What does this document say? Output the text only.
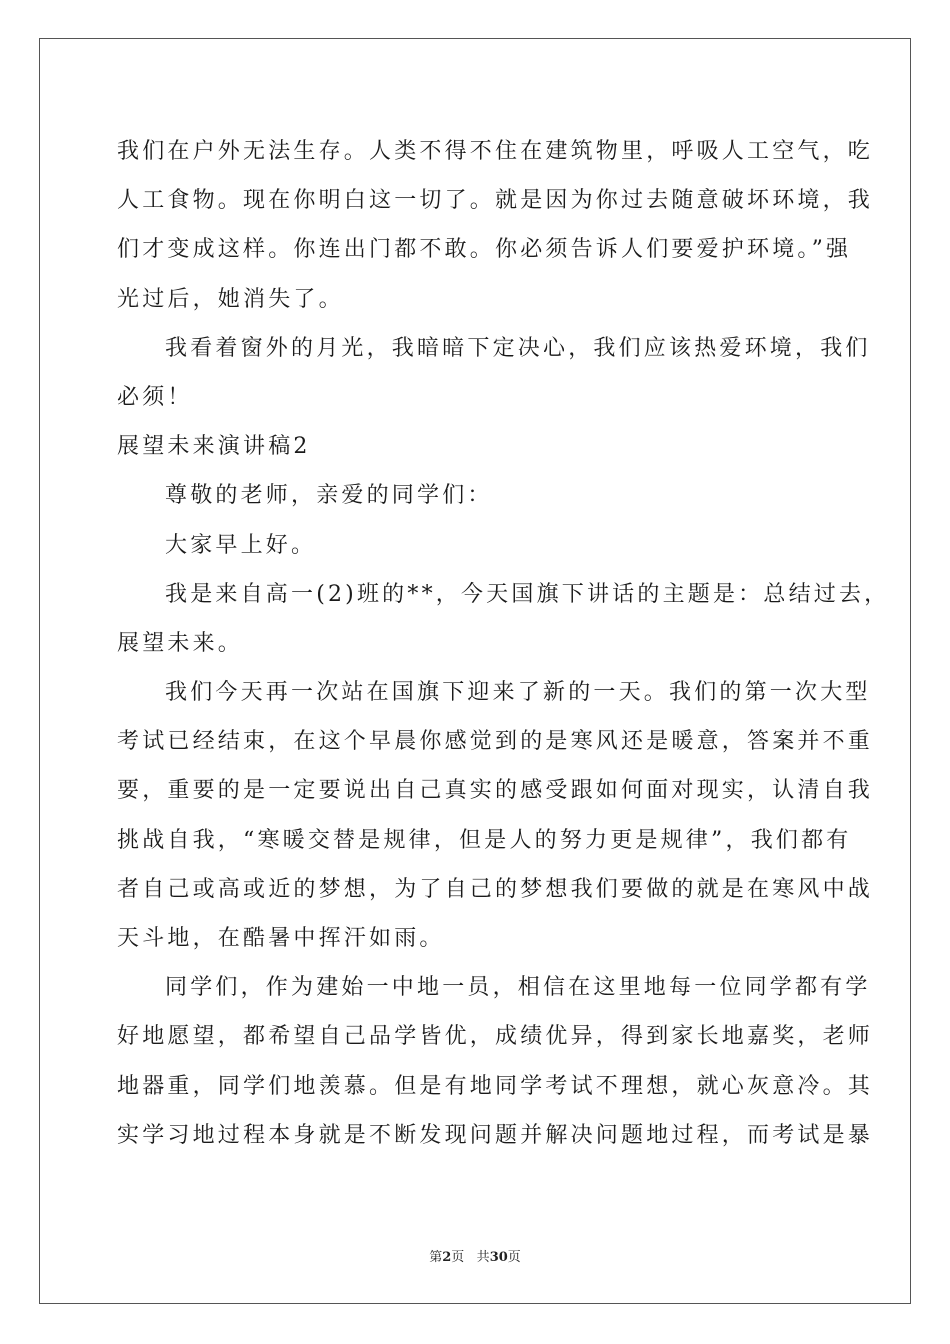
我们在户外无法生存。人类不得不住在建筑物里，呼吸人工空气，吃
人工食物。现在你明白这一切了。就是因为你过去随意破坏环境，我
们才变成这样。你连出门都不敢。你必须告诉人们要爱护环境。”强
光过后，她消失了。
我看着窗外的月光，我暗暗下定决心，我们应该热爱环境，我们
必须！
展望未来演讲稿2
尊敬的老师，亲爱的同学们：
大家早上好。
我是来自高一(2)班的**，今天国旗下讲话的主题是：总结过去，
展望未来。
我们今天再一次站在国旗下迎来了新的一天。我们的第一次大型
考试已经结束，在这个早晨你感觉到的是寒风还是暖意，答案并不重
要，重要的是一定要说出自己真实的感受跟如何面对现实，认清自我
挑战自我，“寒暖交替是规律，但是人的努力更是规律”，我们都有
者自己或高或近的梦想，为了自己的梦想我们要做的就是在寒风中战
天斗地，在酷暑中挥汗如雨。
同学们，作为建始一中地一员，相信在这里地每一位同学都有学
好地愿望，都希望自己品学皆优，成绩优异，得到家长地嘉奖，老师
地器重，同学们地羡慕。但是有地同学考试不理想，就心灰意冷。其
实学习地过程本身就是不断发现问题并解决问题地过程，而考试是暴
第2页 共30页
